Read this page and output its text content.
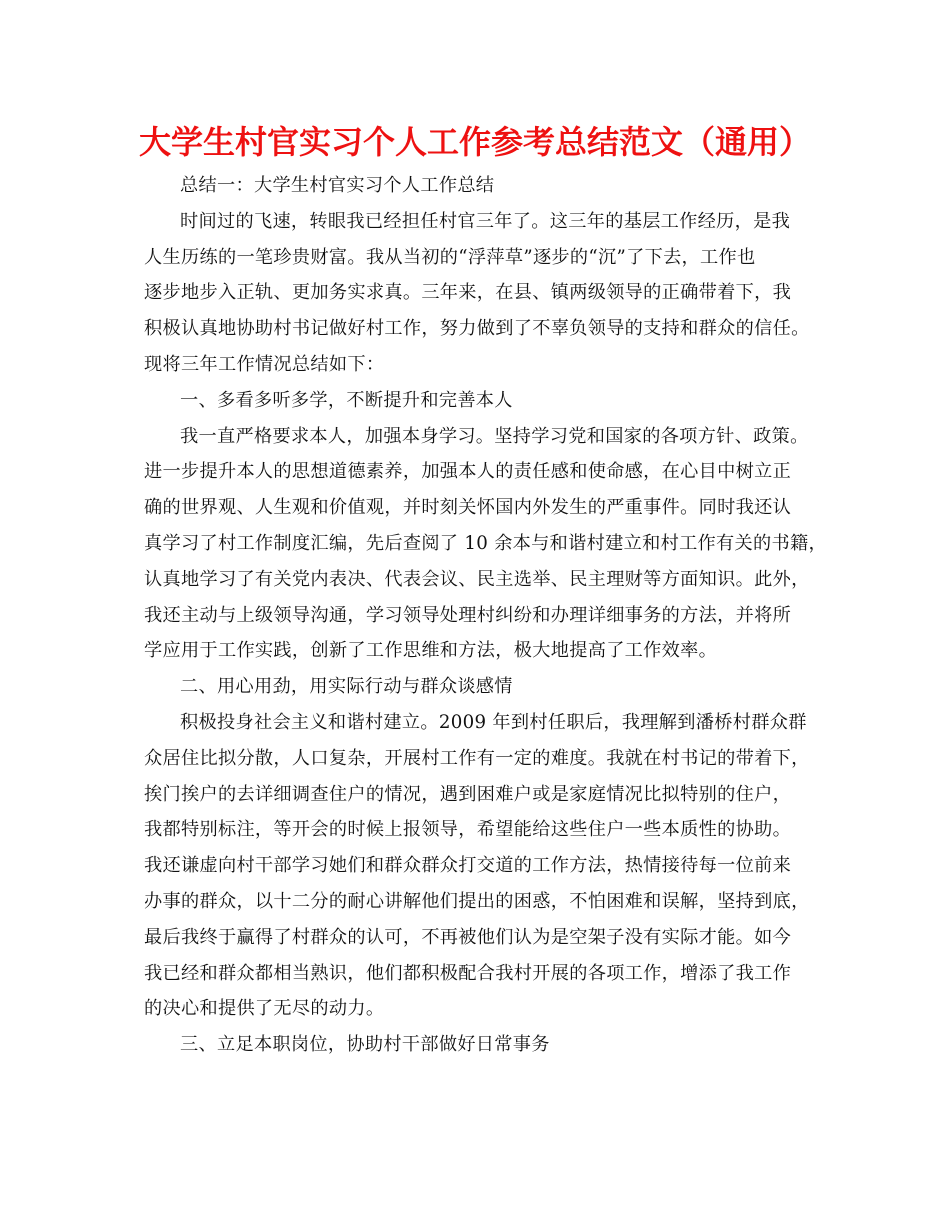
大学生村官实习个人工作参考总结范文（通用）
总结一：大学生村官实习个人工作总结
时间过的飞速，转眼我已经担任村官三年了。这三年的基层工作经历，是我
人生历练的一笔珍贵财富。我从当初的“浮萍草”逐步的“沉”了下去，工作也
逐步地步入正轨、更加务实求真。三年来，在县、镇两级领导的正确带着下，我
积极认真地协助村书记做好村工作，努力做到了不辜负领导的支持和群众的信任。
现将三年工作情况总结如下：
一、多看多听多学，不断提升和完善本人
我一直严格要求本人，加强本身学习。坚持学习党和国家的各项方针、政策。
进一步提升本人的思想道德素养，加强本人的责任感和使命感，在心目中树立正
确的世界观、人生观和价值观，并时刻关怀国内外发生的严重事件。同时我还认
真学习了村工作制度汇编，先后查阅了 10 余本与和谐村建立和村工作有关的书籍，
认真地学习了有关党内表决、代表会议、民主选举、民主理财等方面知识。此外，
我还主动与上级领导沟通，学习领导处理村纠纷和办理详细事务的方法，并将所
学应用于工作实践，创新了工作思维和方法，极大地提高了工作效率。
二、用心用劲，用实际行动与群众谈感情
积极投身社会主义和谐村建立。2009 年到村任职后，我理解到潘桥村群众群
众居住比拟分散，人口复杂，开展村工作有一定的难度。我就在村书记的带着下，
挨门挨户的去详细调查住户的情况，遇到困难户或是家庭情况比拟特别的住户，
我都特别标注，等开会的时候上报领导，希望能给这些住户一些本质性的协助。
我还谦虚向村干部学习她们和群众群众打交道的工作方法，热情接待每一位前来
办事的群众，以十二分的耐心讲解他们提出的困惑，不怕困难和误解，坚持到底，
最后我终于赢得了村群众的认可，不再被他们认为是空架子没有实际才能。如今
我已经和群众都相当熟识，他们都积极配合我村开展的各项工作，增添了我工作
的决心和提供了无尽的动力。
三、立足本职岗位，协助村干部做好日常事务
